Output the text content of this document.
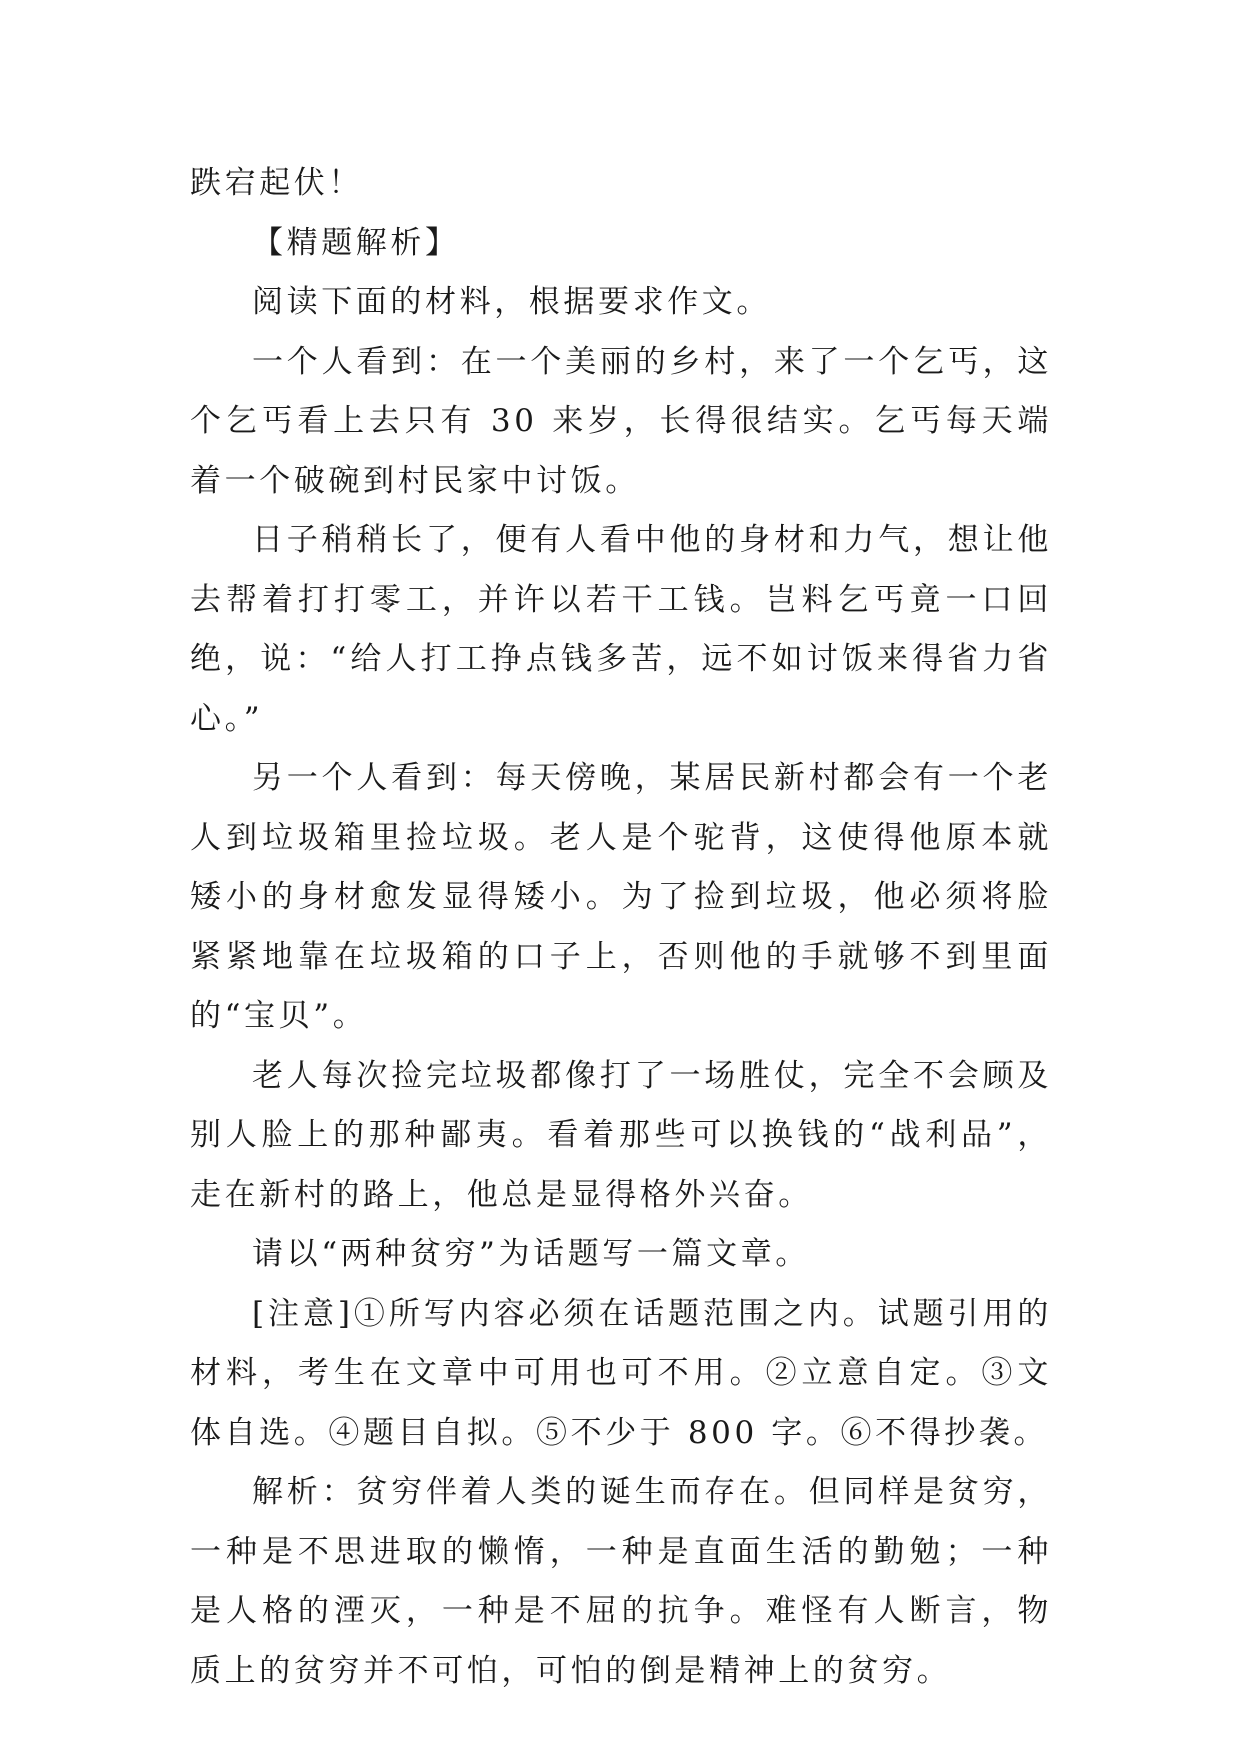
跌宕起伏！

【精题解析】

阅读下面的材料，根据要求作文。

一个人看到：在一个美丽的乡村，来了一个乞丐，这个乞丐看上去只有 30 来岁，长得很结实。乞丐每天端着一个破碗到村民家中讨饭。

日子稍稍长了，便有人看中他的身材和力气，想让他去帮着打打零工，并许以若干工钱。岂料乞丐竟一口回绝，说：“给人打工挣点钱多苦，远不如讨饭来得省力省心。”

另一个人看到：每天傍晚，某居民新村都会有一个老人到垃圾箱里捡垃圾。老人是个驼背，这使得他原本就矮小的身材愈发显得矮小。为了捡到垃圾，他必须将脸紧紧地靠在垃圾箱的口子上，否则他的手就够不到里面的“宝贝”。

老人每次捡完垃圾都像打了一场胜仗，完全不会顾及别人脸上的那种鄙夷。看着那些可以换钱的“战利品”，走在新村的路上，他总是显得格外兴奋。

请以“两种贫穷”为话题写一篇文章。

[注意]①所写内容必须在话题范围之内。试题引用的材料，考生在文章中可用也可不用。②立意自定。③文体自选。④题目自拟。⑤不少于 800 字。⑥不得抄袭。

解析：贫穷伴着人类的诞生而存在。但同样是贫穷，一种是不思进取的懒惰，一种是直面生活的勤勉；一种是人格的湮灭，一种是不屈的抗争。难怪有人断言，物质上的贫穷并不可怕，可怕的倒是精神上的贫穷。
